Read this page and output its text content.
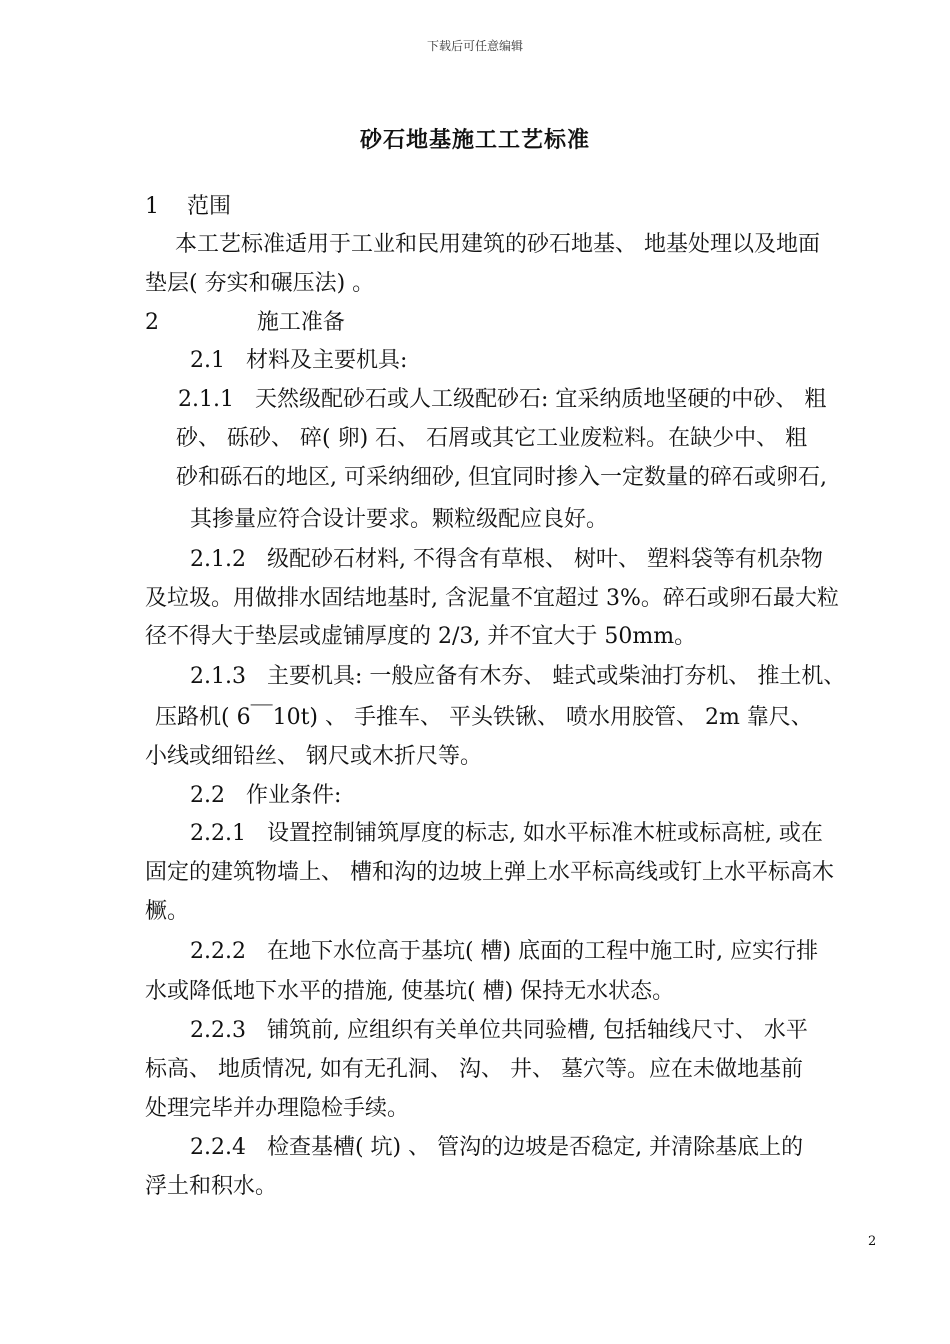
下载后可任意编辑
砂石地基施工工艺标准
1    范围
本工艺标准适用于工业和民用建筑的砂石地基、 地基处理以及地面
垫层( 夯实和碾压法) 。
2              施工准备
2.1   材料及主要机具:
2.1.1   天然级配砂石或人工级配砂石: 宜采纳质地坚硬的中砂、 粗
砂、 砾砂、 碎( 卵) 石、 石屑或其它工业废粒料。在缺少中、 粗
砂和砾石的地区, 可采纳细砂, 但宜同时掺入一定数量的碎石或卵石,
其掺量应符合设计要求。颗粒级配应良好。
2.1.2   级配砂石材料, 不得含有草根、 树叶、 塑料袋等有机杂物
及垃圾。用做排水固结地基时, 含泥量不宜超过 3%。碎石或卵石最大粒
径不得大于垫层或虚铺厚度的 2/3, 并不宜大于 50mm。
2.1.3   主要机具: 一般应备有木夯、 蛙式或柴油打夯机、 推土机、
压路机( 6￣10t) 、 手推车、 平头铁锹、 喷水用胶管、 2m 靠尺、
小线或细铅丝、 钢尺或木折尺等。
2.2   作业条件:
2.2.1   设置控制铺筑厚度的标志, 如水平标准木桩或标高桩, 或在
固定的建筑物墙上、 槽和沟的边坡上弹上水平标高线或钉上水平标高木
橛。
2.2.2   在地下水位高于基坑( 槽) 底面的工程中施工时, 应实行排
水或降低地下水平的措施, 使基坑( 槽) 保持无水状态。
2.2.3   铺筑前, 应组织有关单位共同验槽, 包括轴线尺寸、 水平
标高、 地质情况, 如有无孔洞、 沟、 井、 墓穴等。应在未做地基前
处理完毕并办理隐检手续。
2.2.4   检查基槽( 坑) 、 管沟的边坡是否稳定, 并清除基底上的
浮土和积水。
2
